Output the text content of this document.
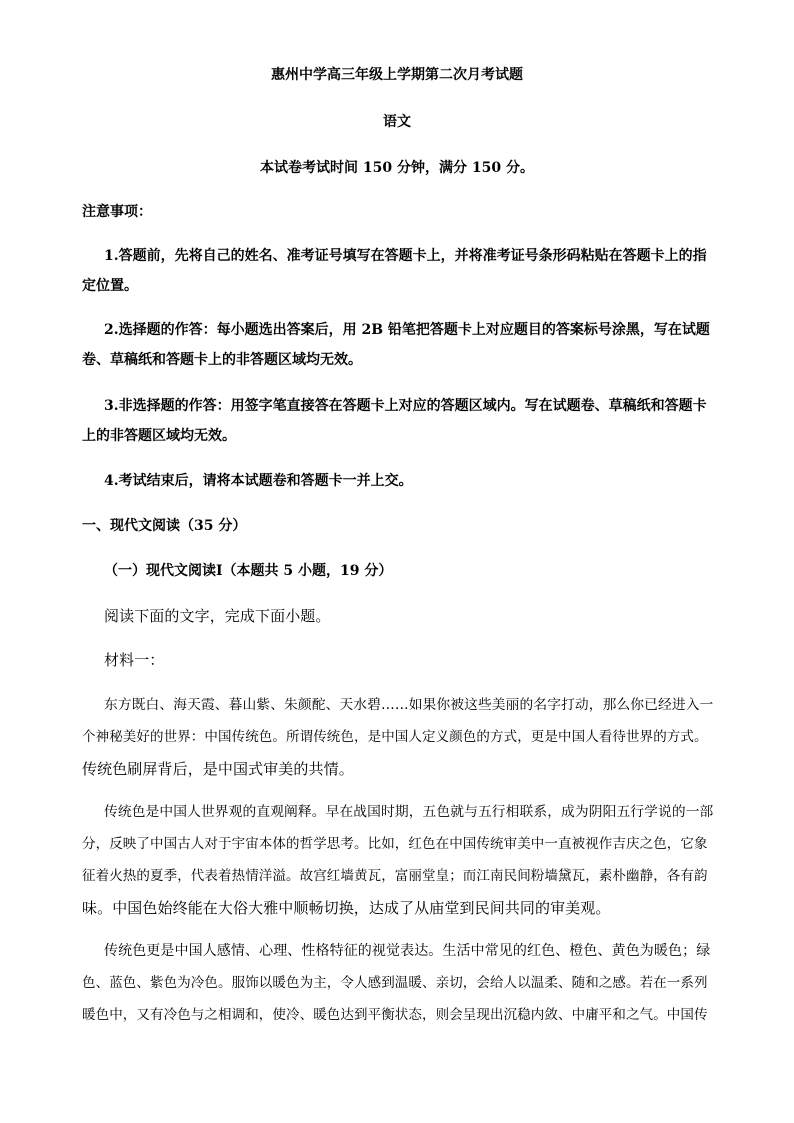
惠州中学高三年级上学期第二次月考试题
语文
本试卷考试时间 150 分钟，满分 150 分。
注意事项：
1.答题前，先将自己的姓名、准考证号填写在答题卡上，并将准考证号条形码粘贴在答题卡上的指
定位置。
2.选择题的作答：每小题选出答案后，用 2B 铅笔把答题卡上对应题目的答案标号涂黑，写在试题
卷、草稿纸和答题卡上的非答题区域均无效。
3.非选择题的作答：用签字笔直接答在答题卡上对应的答题区域内。写在试题卷、草稿纸和答题卡
上的非答题区域均无效。
4.考试结束后，请将本试题卷和答题卡一并上交。
一、现代文阅读（35 分）
（一）现代文阅读Ⅰ（本题共 5 小题，19 分）
阅读下面的文字，完成下面小题。
材料一：
东方既白、海天霞、暮山紫、朱颜酡、天水碧……如果你被这些美丽的名字打动，那么你已经进入一
个神秘美好的世界：中国传统色。所谓传统色，是中国人定义颜色的方式，更是中国人看待世界的方式。
传统色刷屏背后，是中国式审美的共情。
传统色是中国人世界观的直观阐释。早在战国时期，五色就与五行相联系，成为阴阳五行学说的一部
分，反映了中国古人对于宇宙本体的哲学思考。比如，红色在中国传统审美中一直被视作吉庆之色，它象
征着火热的夏季，代表着热情洋溢。故宫红墙黄瓦，富丽堂皇；而江南民间粉墙黛瓦，素朴幽静，各有韵
味。中国色始终能在大俗大雅中顺畅切换，达成了从庙堂到民间共同的审美观。
传统色更是中国人感情、心理、性格特征的视觉表达。生活中常见的红色、橙色、黄色为暖色；绿
色、蓝色、紫色为冷色。服饰以暖色为主，令人感到温暖、亲切，会给人以温柔、随和之感。若在一系列
暖色中，又有冷色与之相调和，使冷、暖色达到平衡状态，则会呈现出沉稳内敛、中庸平和之气。中国传
